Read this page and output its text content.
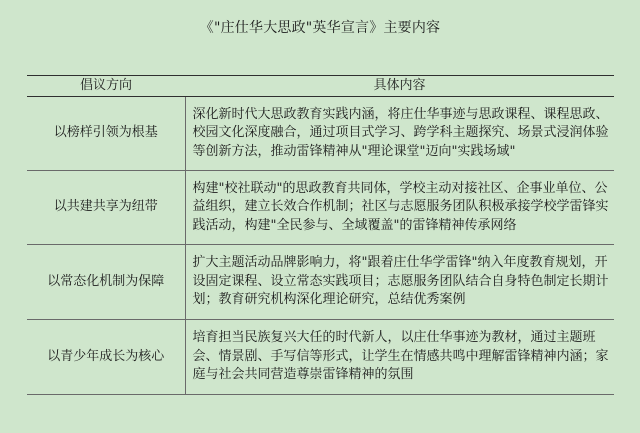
《"庄仕华大思政"英华宣言》主要内容
倡议方向	具体内容
以榜样引领为根基	深化新时代大思政教育实践内涵，将庄仕华事迹与思政课程、课程思政、校园文化深度融合，通过项目式学习、跨学科主题探究、场景式浸润体验等创新方法，推动雷锋精神从"理论课堂"迈向"实践场域"
以共建共享为纽带	构建"校社联动"的思政教育共同体，学校主动对接社区、企事业单位、公益组织，建立长效合作机制；社区与志愿服务团队积极承接学校学雷锋实践活动，构建"全民参与、全域覆盖"的雷锋精神传承网络
以常态化机制为保障	扩大主题活动品牌影响力，将"跟着庄仕华学雷锋"纳入年度教育规划，开设固定课程、设立常态实践项目；志愿服务团队结合自身特色制定长期计划；教育研究机构深化理论研究，总结优秀案例
以青少年成长为核心	培育担当民族复兴大任的时代新人，以庄仕华事迹为教材，通过主题班会、情景剧、手写信等形式，让学生在情感共鸣中理解雷锋精神内涵；家庭与社会共同营造尊崇雷锋精神的氛围
